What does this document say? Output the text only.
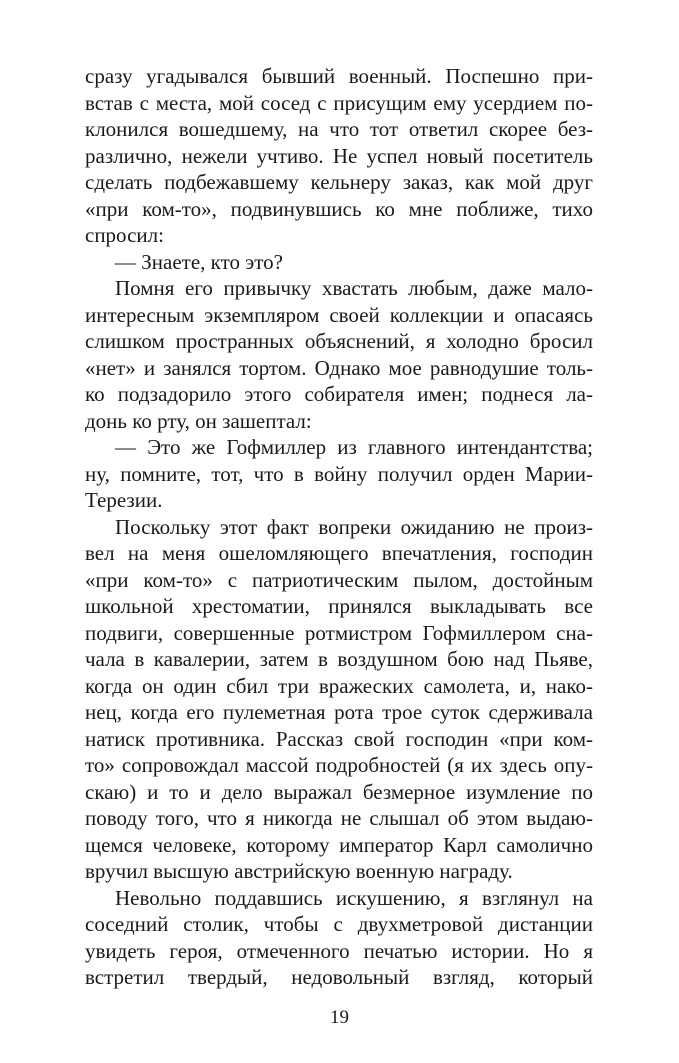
сразу угадывался бывший военный. Поспешно при-
встав с места, мой сосед с присущим ему усердием по-
клонился вошедшему, на что тот ответил скорее без-
различно, нежели учтиво. Не успел новый посетитель
сделать подбежавшему кельнеру заказ, как мой друг
«при ком-то», подвинувшись ко мне поближе, тихо
спросил:
— Знаете, кто это?
Помня его привычку хвастать любым, даже мало-
интересным экземпляром своей коллекции и опасаясь
слишком пространных объяснений, я холодно бросил
«нет» и занялся тортом. Однако мое равнодушие толь-
ко подзадорило этого собирателя имен; поднеся ла-
донь ко рту, он зашептал:
— Это же Гофмиллер из главного интендантства;
ну, помните, тот, что в войну получил орден Марии-
Терезии.
Поскольку этот факт вопреки ожиданию не произ-
вел на меня ошеломляющего впечатления, господин
«при ком-то» с патриотическим пылом, достойным
школьной хрестоматии, принялся выкладывать все
подвиги, совершенные ротмистром Гофмиллером сна-
чала в кавалерии, затем в воздушном бою над Пьяве,
когда он один сбил три вражеских самолета, и, нако-
нец, когда его пулеметная рота трое суток сдерживала
натиск противника. Рассказ свой господин «при ком-
то» сопровождал массой подробностей (я их здесь опу-
скаю) и то и дело выражал безмерное изумление по
поводу того, что я никогда не слышал об этом выдаю-
щемся человеке, которому император Карл самолично
вручил высшую австрийскую военную награду.
Невольно поддавшись искушению, я взглянул на
соседний столик, чтобы с двухметровой дистанции
увидеть героя, отмеченного печатью истории. Но я
встретил твердый, недовольный взгляд, который
19
